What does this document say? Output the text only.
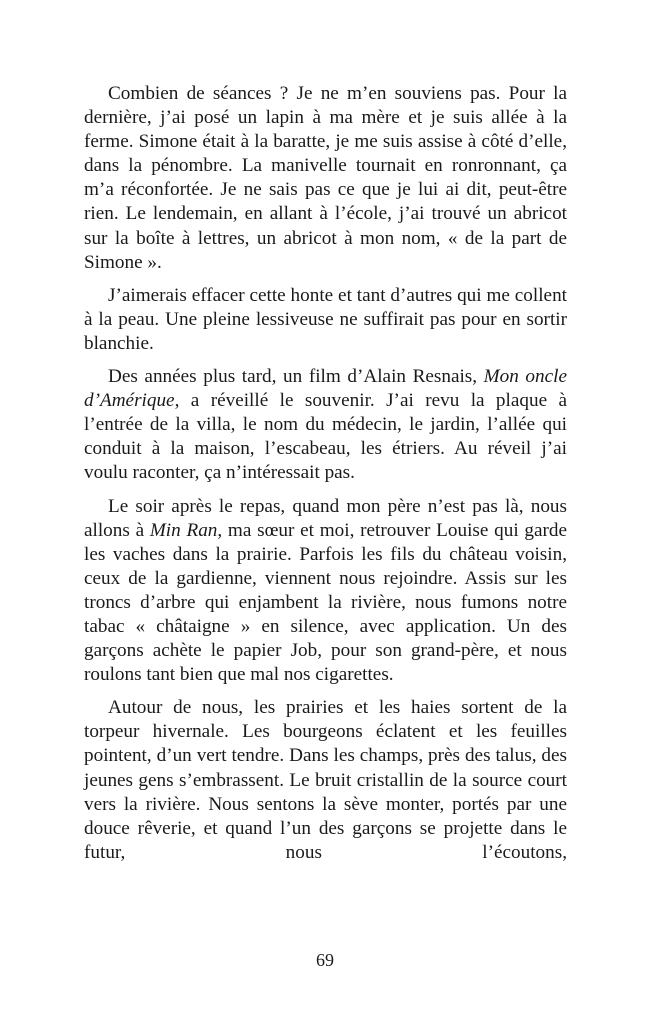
Combien de séances ? Je ne m’en souviens pas. Pour la dernière, j’ai posé un lapin à ma mère et je suis allée à la ferme. Simone était à la baratte, je me suis assise à côté d’elle, dans la pénombre. La manivelle tournait en ronronnant, ça m’a réconfortée. Je ne sais pas ce que je lui ai dit, peut-être rien. Le lendemain, en allant à l’école, j’ai trouvé un abricot sur la boîte à lettres, un abricot à mon nom, « de la part de Simone ».

J’aimerais effacer cette honte et tant d’autres qui me collent à la peau. Une pleine lessiveuse ne suffirait pas pour en sortir blanchie.

Des années plus tard, un film d’Alain Resnais, Mon oncle d’Amérique, a réveillé le souvenir. J’ai revu la plaque à l’entrée de la villa, le nom du médecin, le jardin, l’allée qui conduit à la maison, l’escabeau, les étriers. Au réveil j’ai voulu raconter, ça n’intéressait pas.

Le soir après le repas, quand mon père n’est pas là, nous allons à Min Ran, ma sœur et moi, retrouver Louise qui garde les vaches dans la prairie. Parfois les fils du château voisin, ceux de la gardienne, viennent nous rejoindre. Assis sur les troncs d’arbre qui enjambent la rivière, nous fumons notre tabac « châtaigne » en silence, avec application. Un des garçons achète le papier Job, pour son grand-père, et nous roulons tant bien que mal nos cigarettes.

Autour de nous, les prairies et les haies sortent de la torpeur hivernale. Les bourgeons éclatent et les feuilles pointent, d’un vert tendre. Dans les champs, près des talus, des jeunes gens s’embrassent. Le bruit cristallin de la source court vers la rivière. Nous sentons la sève monter, portés par une douce rêverie, et quand l’un des garçons se projette dans le futur, nous l’écoutons,

69
